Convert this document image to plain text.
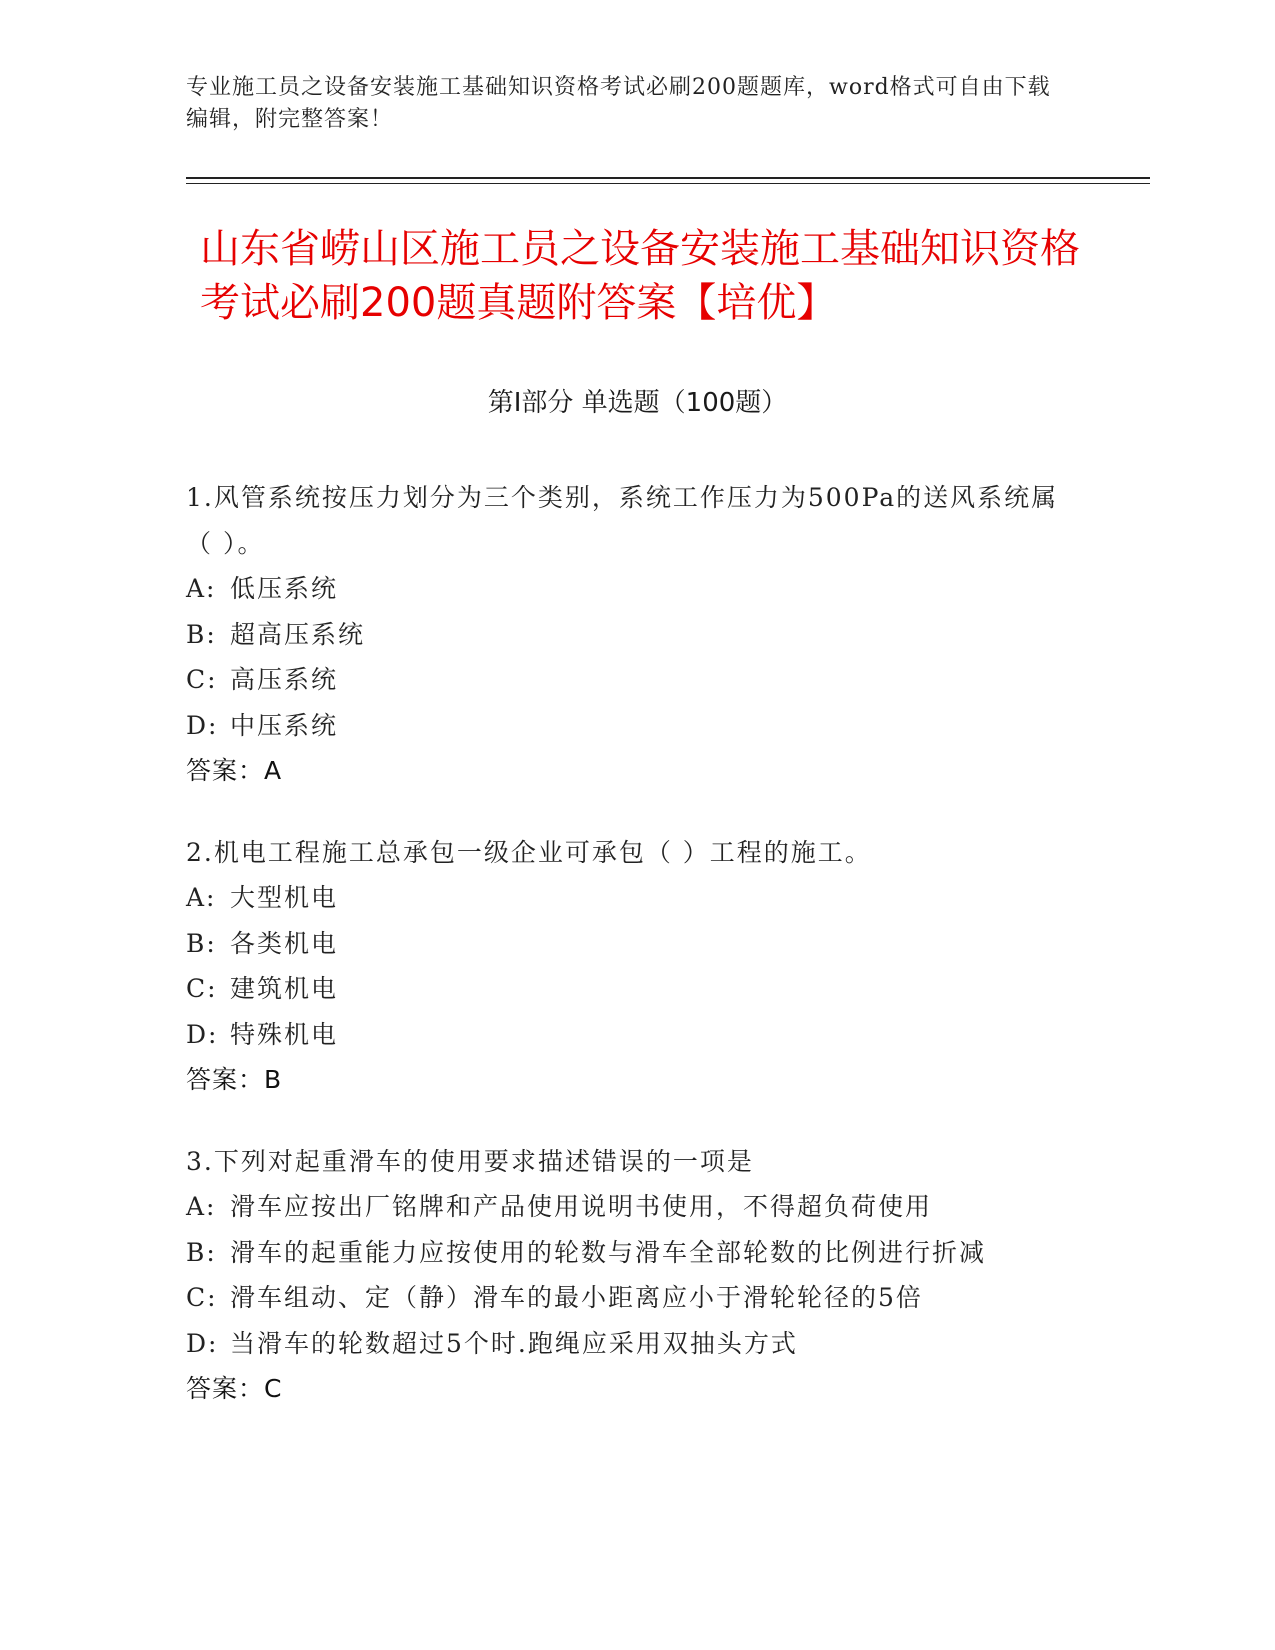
专业施工员之设备安装施工基础知识资格考试必刷200题题库，word格式可自由下载编辑，附完整答案！
山东省崂山区施工员之设备安装施工基础知识资格考试必刷200题真题附答案【培优】
第Ⅰ部分 单选题（100题）

1.风管系统按压力划分为三个类别，系统工作压力为500Pa的送风系统属（ ）。

A: 低压系统

B: 超高压系统

C: 高压系统

D: 中压系统

答案：A

2.机电工程施工总承包一级企业可承包（ ）工程的施工。

A: 大型机电

B: 各类机电

C: 建筑机电

D: 特殊机电

答案：B

3.下列对起重滑车的使用要求描述错误的一项是

A: 滑车应按出厂铭牌和产品使用说明书使用，不得超负荷使用

B: 滑车的起重能力应按使用的轮数与滑车全部轮数的比例进行折减

C: 滑车组动、定（静）滑车的最小距离应小于滑轮轮径的5倍

D: 当滑车的轮数超过5个时.跑绳应采用双抽头方式

答案：C
